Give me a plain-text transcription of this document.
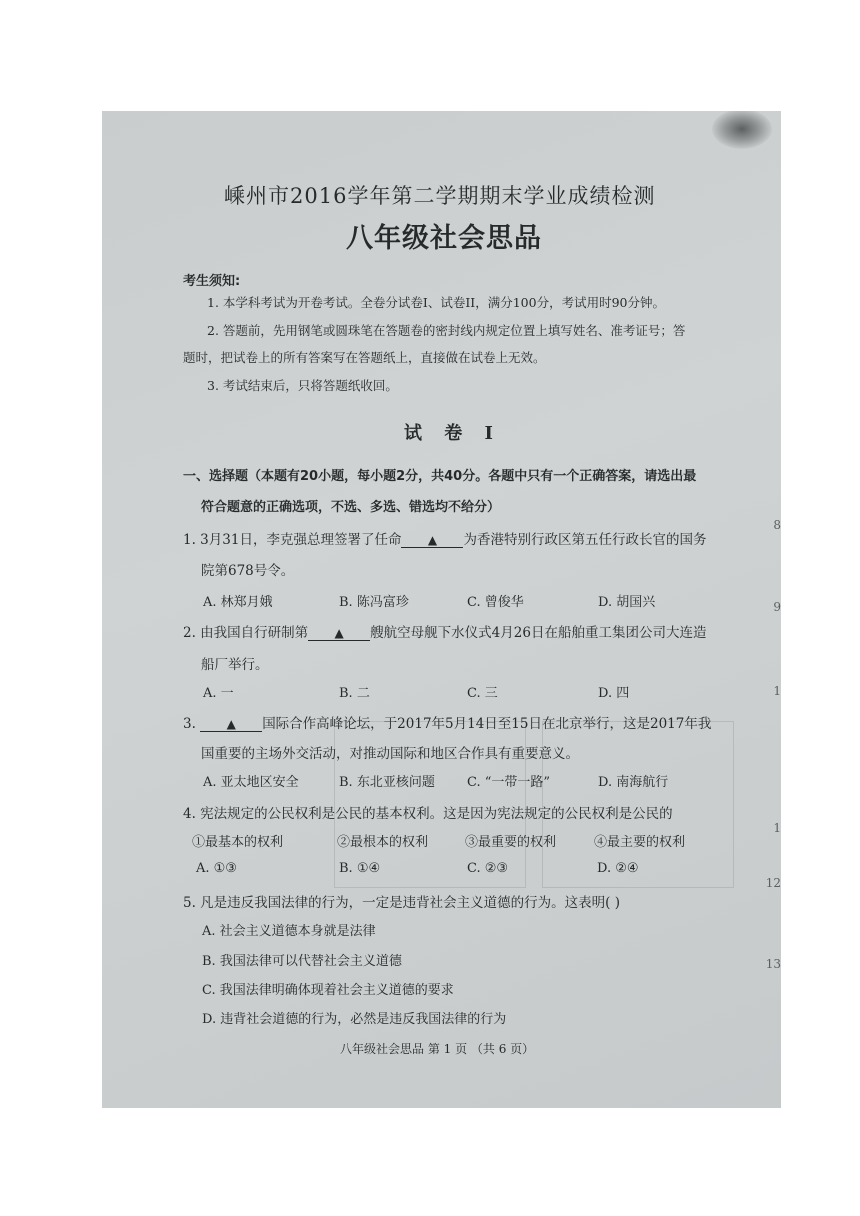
8
9
1
1
12
13
嵊州市2016学年第二学期期末学业成绩检测
八年级社会思品
考生须知:
1. 本学科考试为开卷考试。全卷分试卷I、试卷II，满分100分，考试用时90分钟。
2. 答题前，先用钢笔或圆珠笔在答题卷的密封线内规定位置上填写姓名、准考证号；答
题时，把试卷上的所有答案写在答题纸上，直接做在试卷上无效。
3. 考试结束后，只将答题纸收回。
试 卷 I
一、选择题（本题有20小题，每小题2分，共40分。各题中只有一个正确答案，请选出最
符合题意的正确选项，不选、多选、错选均不给分）
1. 3月31日，李克强总理签署了任命 ▲ 为香港特别行政区第五任行政长官的国务
院第678号令。
A. 林郑月娥	B. 陈冯富珍	C. 曾俊华	D. 胡国兴
2. 由我国自行研制第 ▲ 艘航空母舰下水仪式4月26日在船舶重工集团公司大连造
船厂举行。
A. 一	B. 二	C. 三	D. 四
3.	▲ 国际合作高峰论坛，于2017年5月14日至15日在北京举行，这是2017年我
国重要的主场外交活动，对推动国际和地区合作具有重要意义。
A. 亚太地区安全	B. 东北亚核问题 C. “一带一路”	D. 南海航行
4. 宪法规定的公民权利是公民的基本权利。这是因为宪法规定的公民权利是公民的
①最基本的权利	②最根本的权利	③最重要的权利	④最主要的权利
A. ①③	B. ①④	C. ②③	D. ②④
5. 凡是违反我国法律的行为，一定是违背社会主义道德的行为。这表明( )
A. 社会主义道德本身就是法律
B. 我国法律可以代替社会主义道德
C. 我国法律明确体现着社会主义道德的要求
D. 违背社会道德的行为，必然是违反我国法律的行为
八年级社会思品 第 1 页 （共 6 页）
